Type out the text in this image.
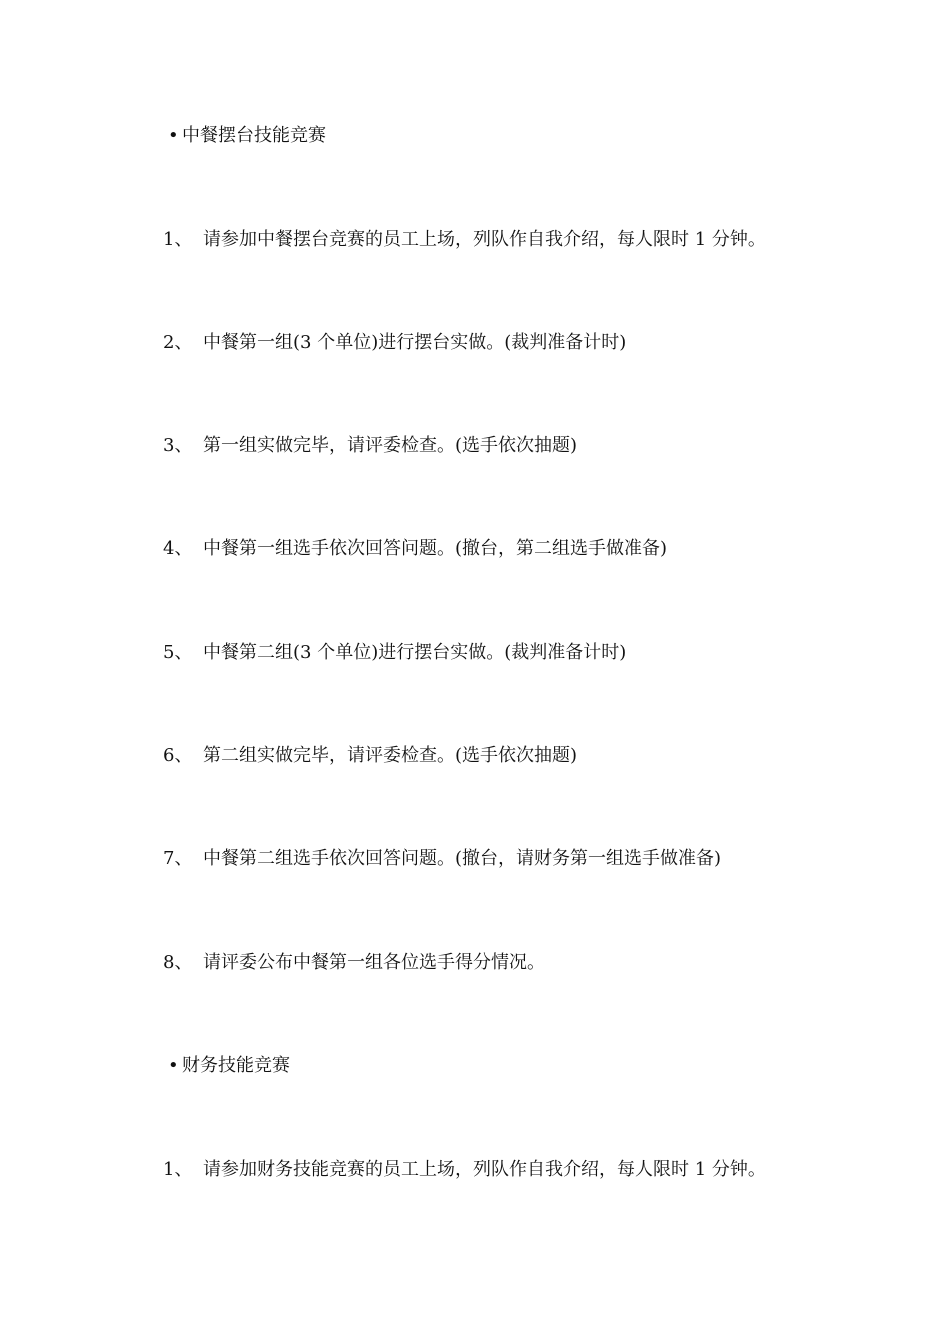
• 中餐摆台技能竞赛
1、 请参加中餐摆台竞赛的员工上场，列队作自我介绍，每人限时 1 分钟。
2、 中餐第一组(3 个单位)进行摆台实做。(裁判准备计时)
3、 第一组实做完毕，请评委检查。(选手依次抽题)
4、 中餐第一组选手依次回答问题。(撤台，第二组选手做准备)
5、 中餐第二组(3 个单位)进行摆台实做。(裁判准备计时)
6、 第二组实做完毕，请评委检查。(选手依次抽题)
7、 中餐第二组选手依次回答问题。(撤台，请财务第一组选手做准备)
8、 请评委公布中餐第一组各位选手得分情况。
• 财务技能竞赛
1、 请参加财务技能竞赛的员工上场，列队作自我介绍，每人限时 1 分钟。
